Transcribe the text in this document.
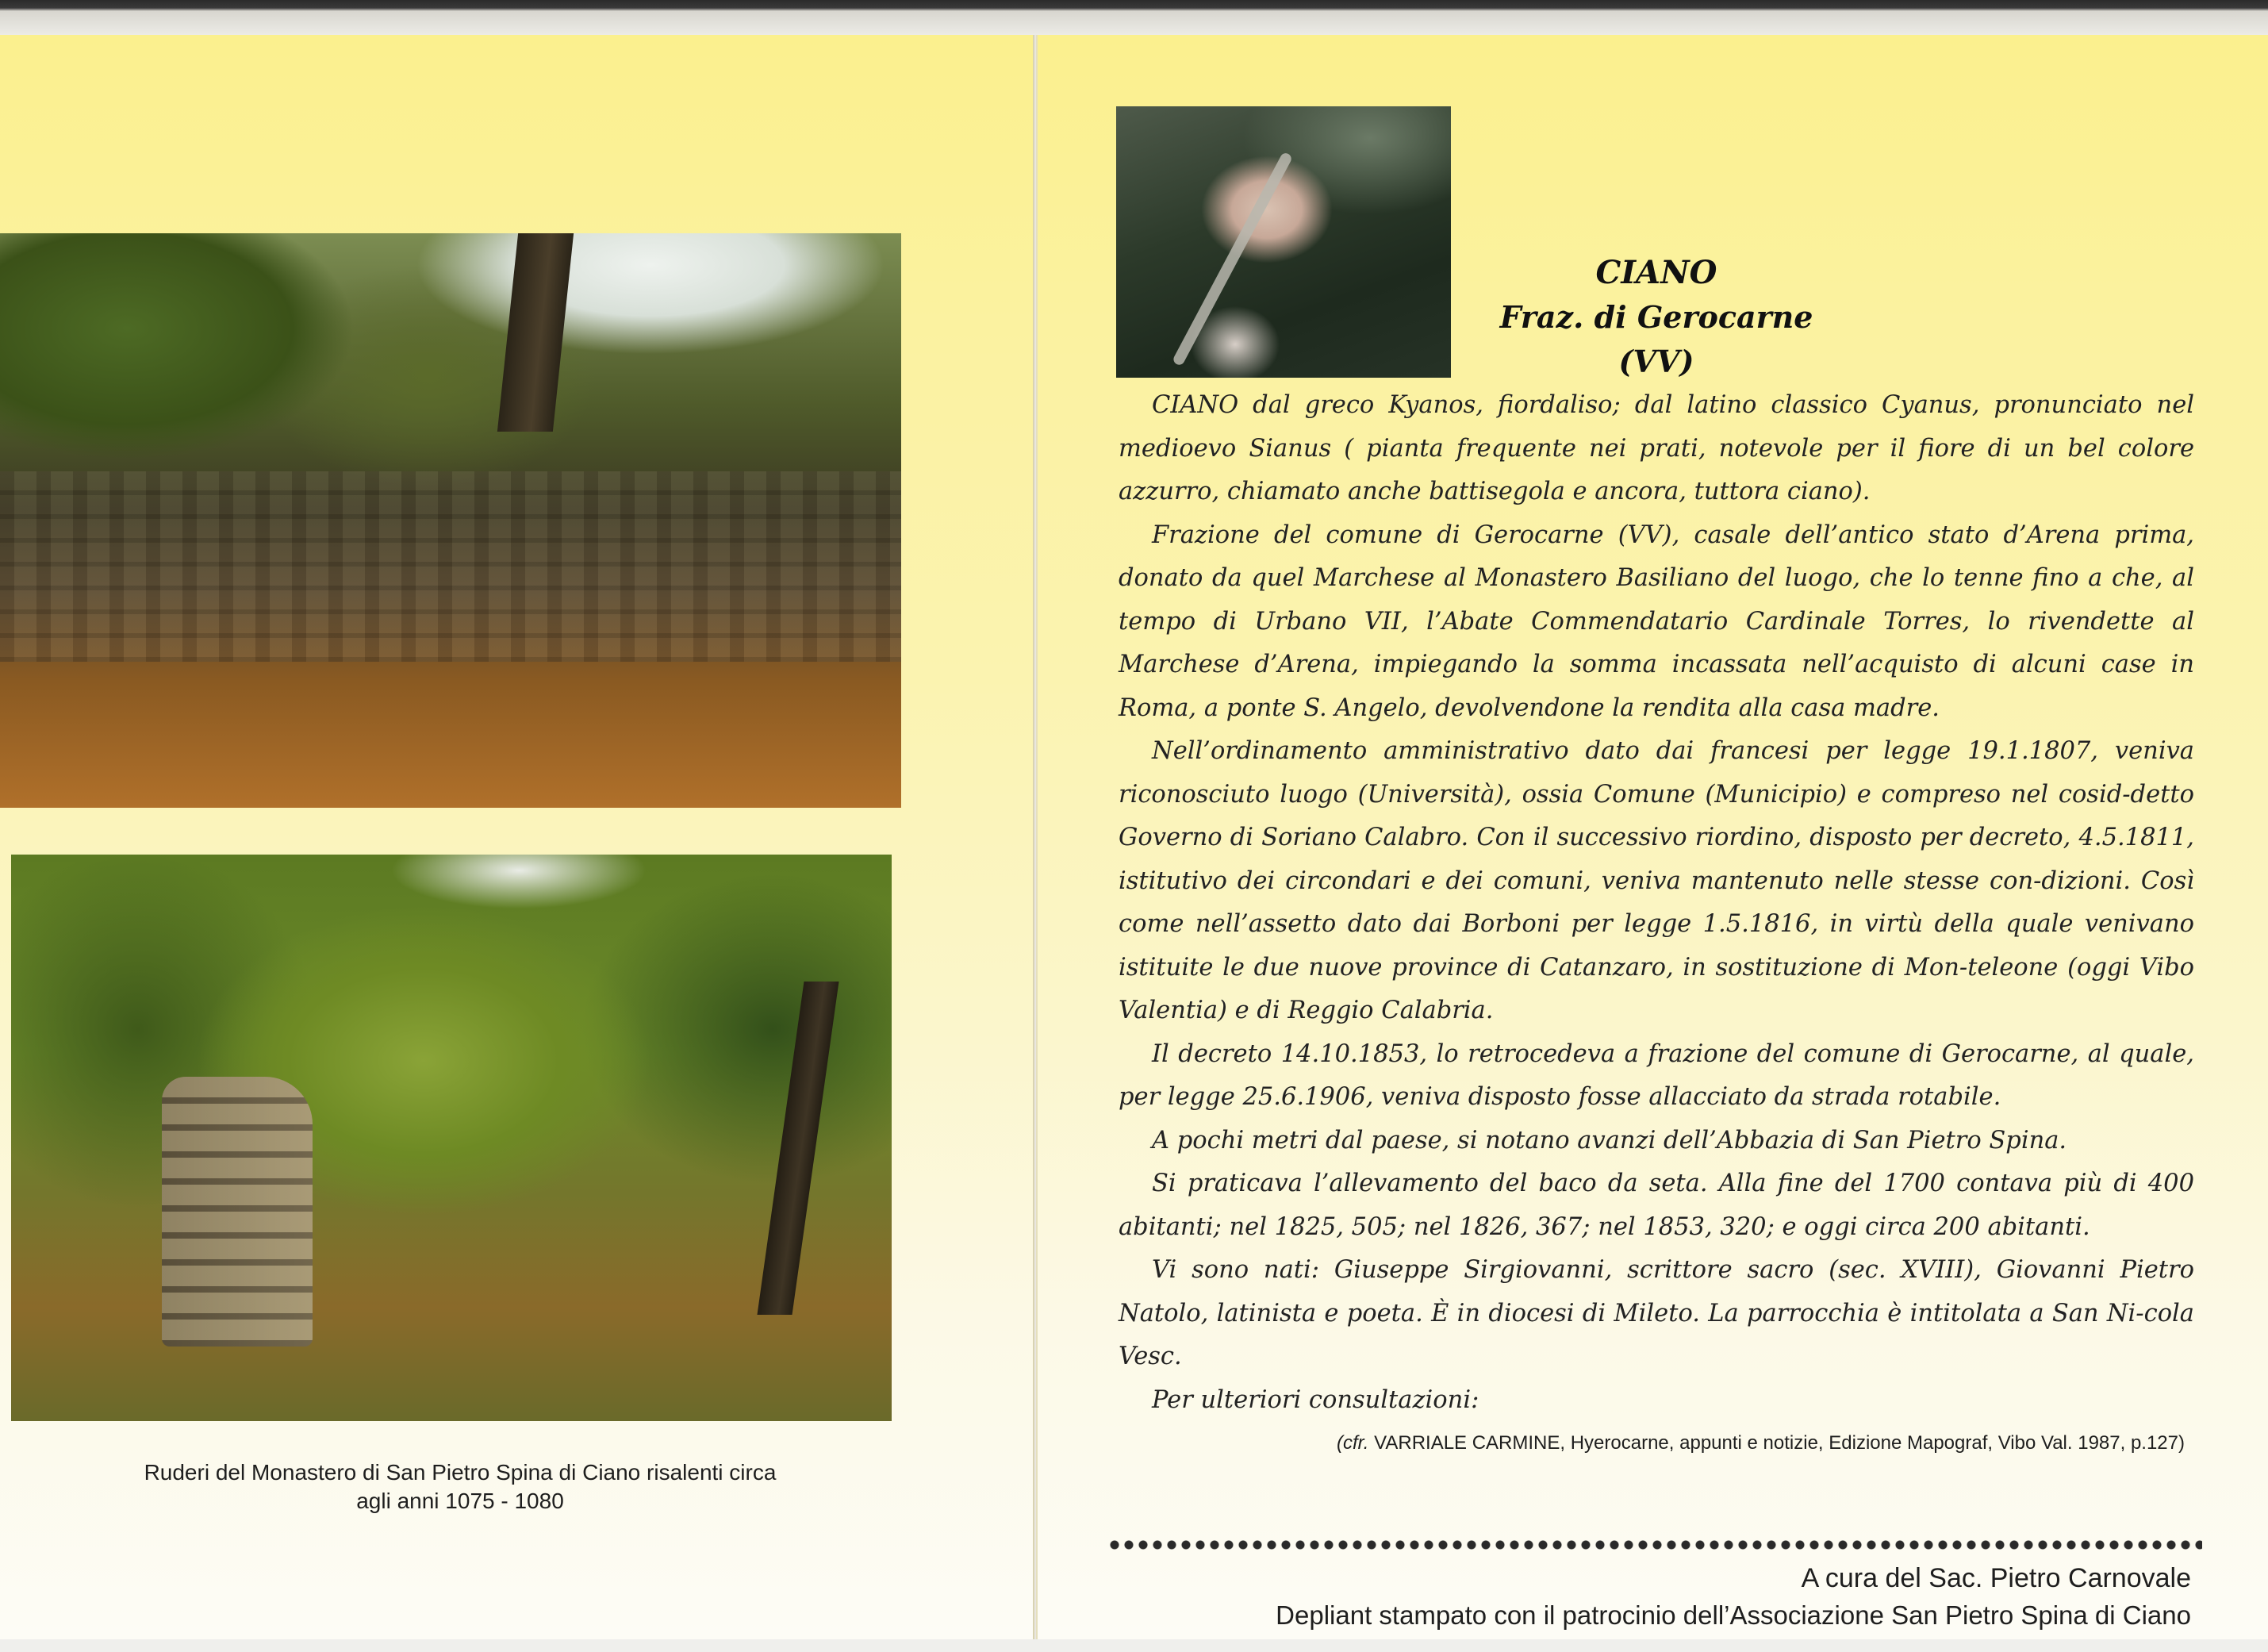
Ruderi del Monastero di San Pietro Spina di Ciano risalenti circa
agli anni 1075 - 1080
CIANO
Fraz. di Gerocarne (VV)

CIANO dal greco Kyanos, fiordaliso; dal latino classico Cyanus, pronunciato nel medioevo Sianus ( pianta frequente nei prati, notevole per il fiore di un bel colore azzurro, chiamato anche battisegola e ancora, tuttora ciano).

Frazione del comune di Gerocarne (VV), casale dell’antico stato d’Arena prima, donato da quel Marchese al Monastero Basiliano del luogo, che lo tenne fino a che, al tempo di Urbano VII, l’Abate Commendatario Cardinale Torres, lo rivendette al Marchese d’Arena, impiegando la somma incassata nell’acquisto di alcuni case in Roma, a ponte S. Angelo, devolvendone la rendita alla casa madre.

Nell’ordinamento amministrativo dato dai francesi per legge 19.1.1807, veniva riconosciuto luogo (Università), ossia Comune (Municipio) e compreso nel cosid-detto Governo di Soriano Calabro. Con il successivo riordino, disposto per decreto, 4.5.1811, istitutivo dei circondari e dei comuni, veniva mantenuto nelle stesse con-dizioni. Così come nell’assetto dato dai Borboni per legge 1.5.1816, in virtù della quale venivano istituite le due nuove province di Catanzaro, in sostituzione di Mon-teleone (oggi Vibo Valentia) e di Reggio Calabria.

Il decreto 14.10.1853, lo retrocedeva a frazione del comune di Gerocarne, al quale, per legge 25.6.1906, veniva disposto fosse allacciato da strada rotabile.

A pochi metri dal paese, si notano avanzi dell’Abbazia di San Pietro Spina.

Si praticava l’allevamento del baco da seta. Alla fine del 1700 contava più di 400 abitanti; nel 1825, 505; nel 1826, 367; nel 1853, 320; e oggi circa 200 abitanti.

Vi sono nati: Giuseppe Sirgiovanni, scrittore sacro (sec. XVIII), Giovanni Pietro Natolo, latinista e poeta. È in diocesi di Mileto. La parrocchia è intitolata a San Ni-cola Vesc.

Per ulteriori consultazioni:

(cfr. VARRIALE CARMINE, Hyerocarne, appunti e notizie, Edizione Mapograf, Vibo Val. 1987, p.127)
A cura del Sac. Pietro Carnovale
Depliant stampato con il patrocinio dell’Associazione San Pietro Spina di Ciano
